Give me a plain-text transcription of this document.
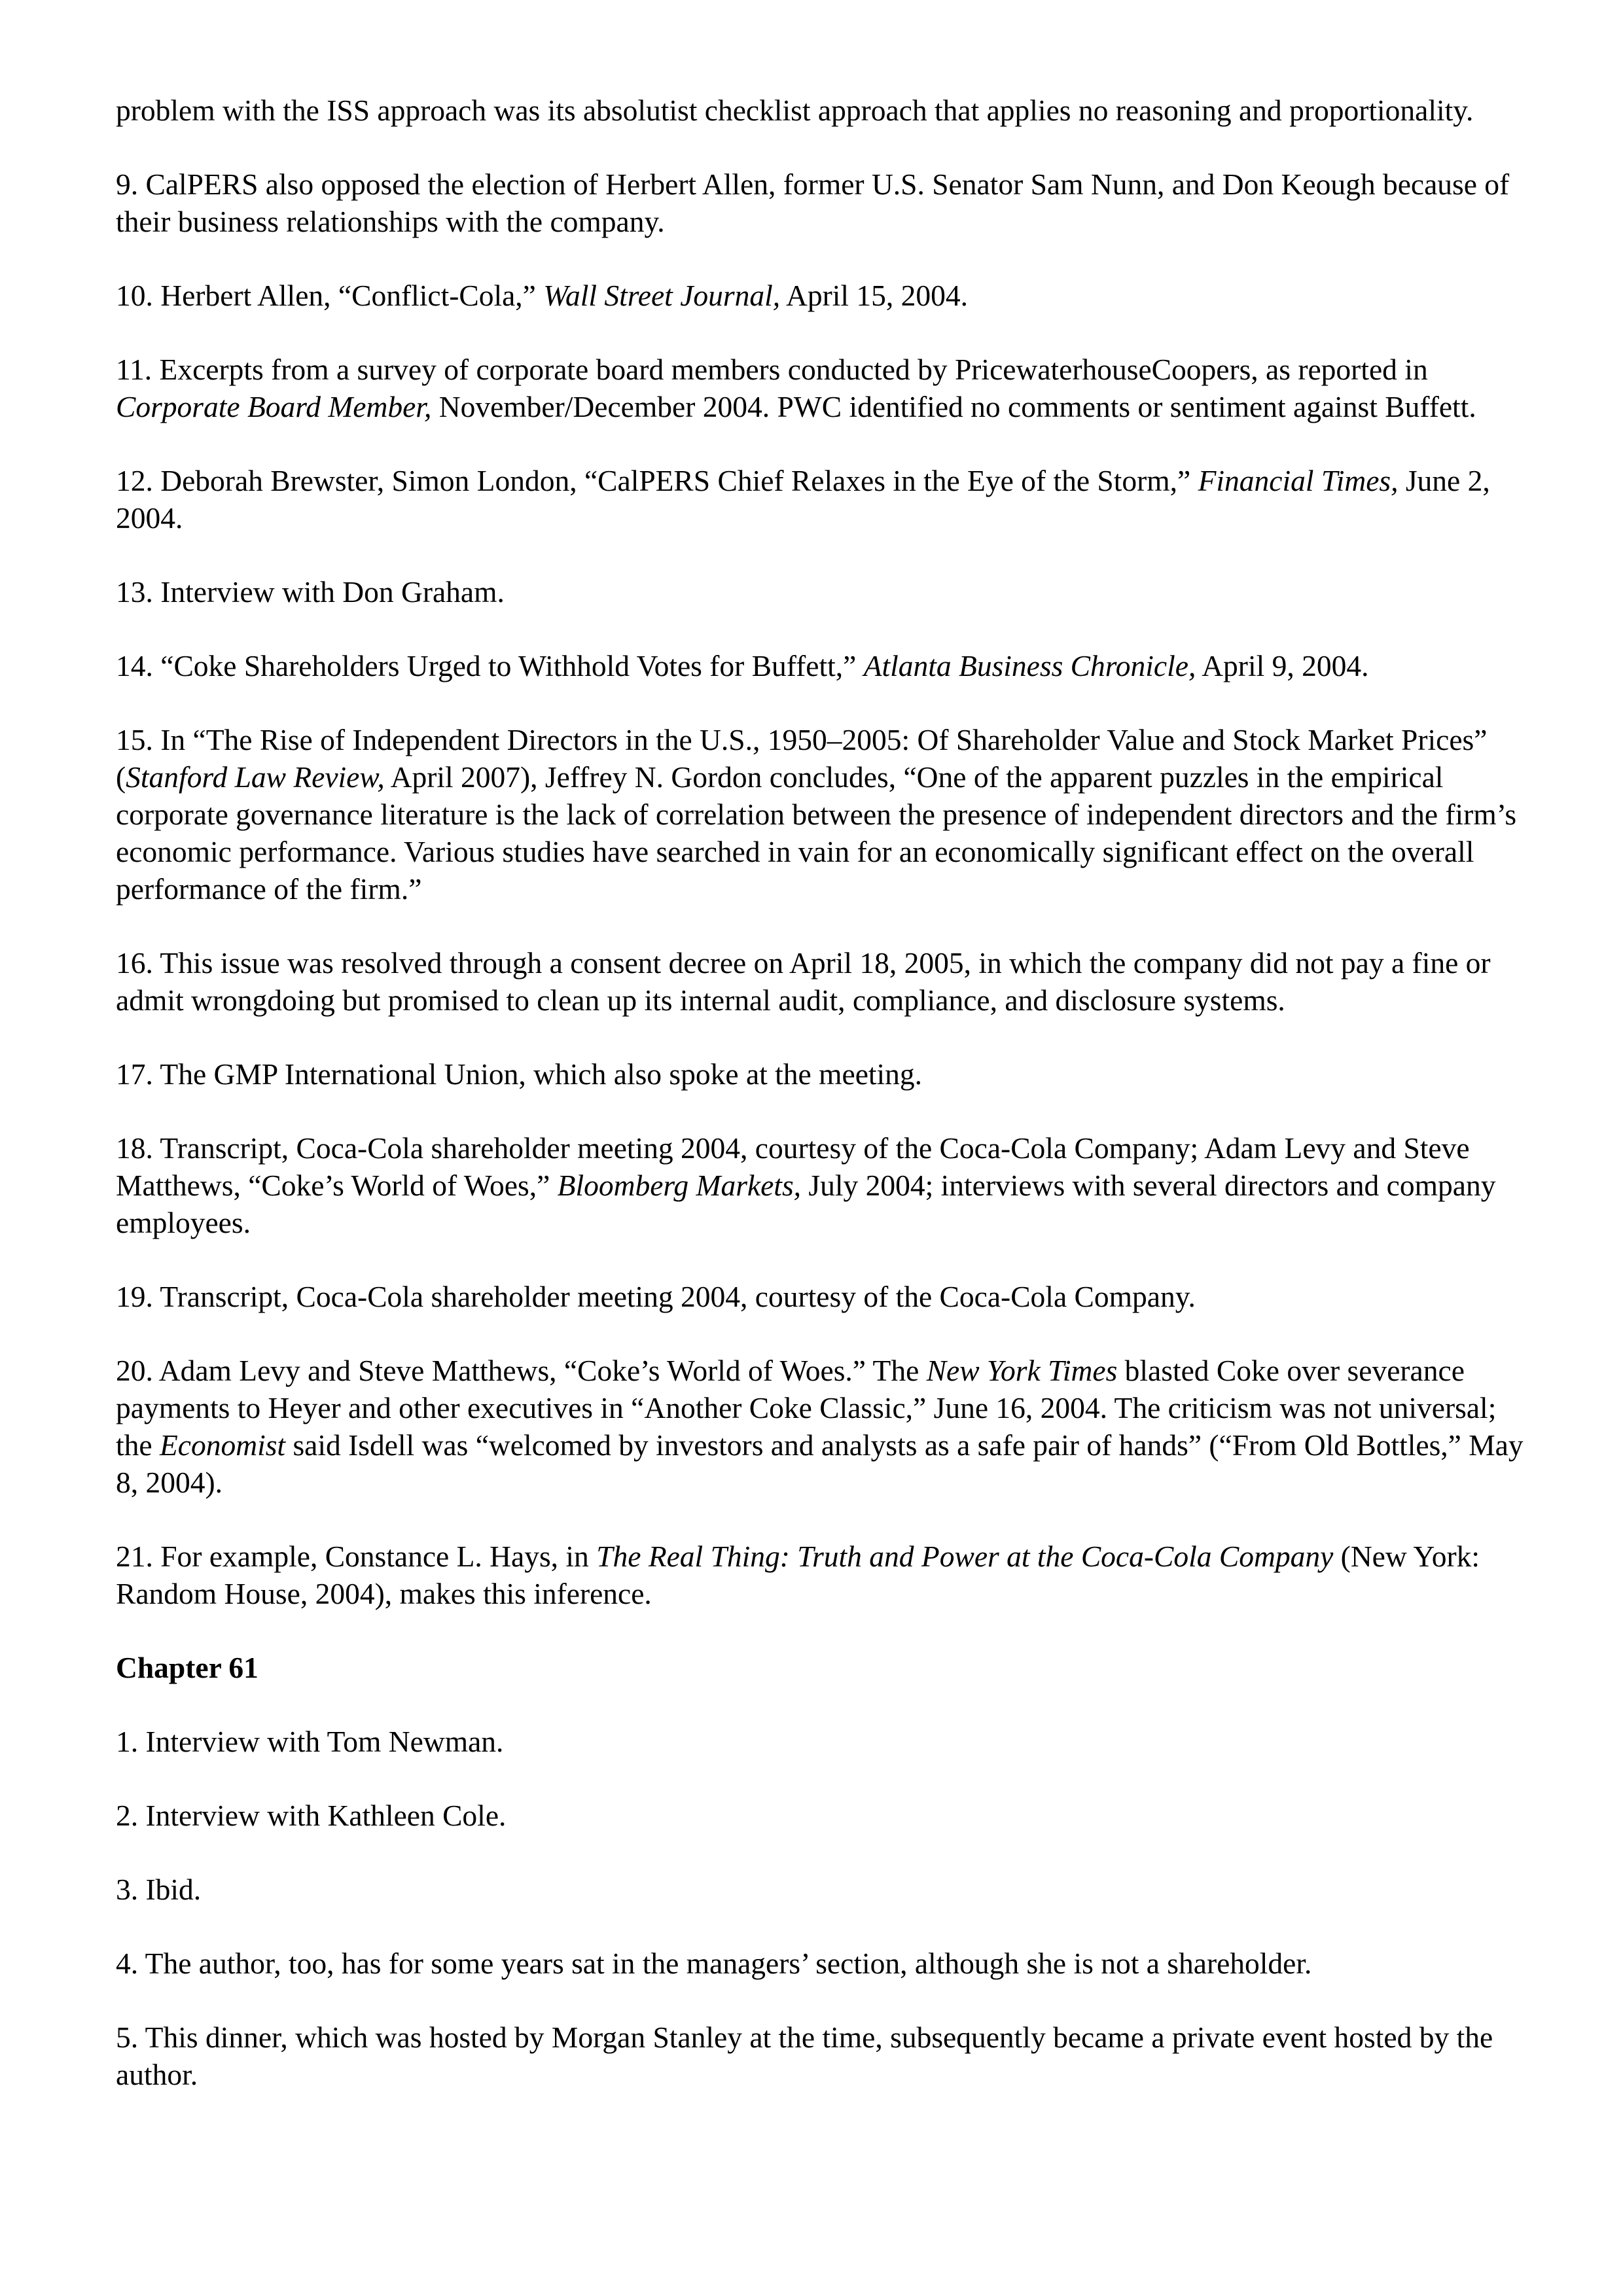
problem with the ISS approach was its absolutist checklist approach that applies no reasoning and proportionality.

9. CalPERS also opposed the election of Herbert Allen, former U.S. Senator Sam Nunn, and Don Keough because of their business relationships with the company.

10. Herbert Allen, “Conflict-Cola,” Wall Street Journal, April 15, 2004.

11. Excerpts from a survey of corporate board members conducted by PricewaterhouseCoopers, as reported in Corporate Board Member, November/December 2004. PWC identified no comments or sentiment against Buffett.

12. Deborah Brewster, Simon London, “CalPERS Chief Relaxes in the Eye of the Storm,” Financial Times, June 2, 2004.

13. Interview with Don Graham.

14. “Coke Shareholders Urged to Withhold Votes for Buffett,” Atlanta Business Chronicle, April 9, 2004.

15. In “The Rise of Independent Directors in the U.S., 1950–2005: Of Shareholder Value and Stock Market Prices” (Stanford Law Review, April 2007), Jeffrey N. Gordon concludes, “One of the apparent puzzles in the empirical corporate governance literature is the lack of correlation between the presence of independent directors and the firm’s economic performance. Various studies have searched in vain for an economically significant effect on the overall performance of the firm.”

16. This issue was resolved through a consent decree on April 18, 2005, in which the company did not pay a fine or admit wrongdoing but promised to clean up its internal audit, compliance, and disclosure systems.

17. The GMP International Union, which also spoke at the meeting.

18. Transcript, Coca-Cola shareholder meeting 2004, courtesy of the Coca-Cola Company; Adam Levy and Steve Matthews, “Coke’s World of Woes,” Bloomberg Markets, July 2004; interviews with several directors and company employees.

19. Transcript, Coca-Cola shareholder meeting 2004, courtesy of the Coca-Cola Company.

20. Adam Levy and Steve Matthews, “Coke’s World of Woes.” The New York Times blasted Coke over severance payments to Heyer and other executives in “Another Coke Classic,” June 16, 2004. The criticism was not universal; the Economist said Isdell was “welcomed by investors and analysts as a safe pair of hands” (“From Old Bottles,” May 8, 2004).

21. For example, Constance L. Hays, in The Real Thing: Truth and Power at the Coca-Cola Company (New York: Random House, 2004), makes this inference.

Chapter 61

1. Interview with Tom Newman.

2. Interview with Kathleen Cole.

3. Ibid.

4. The author, too, has for some years sat in the managers’ section, although she is not a shareholder.

5. This dinner, which was hosted by Morgan Stanley at the time, subsequently became a private event hosted by the author.
